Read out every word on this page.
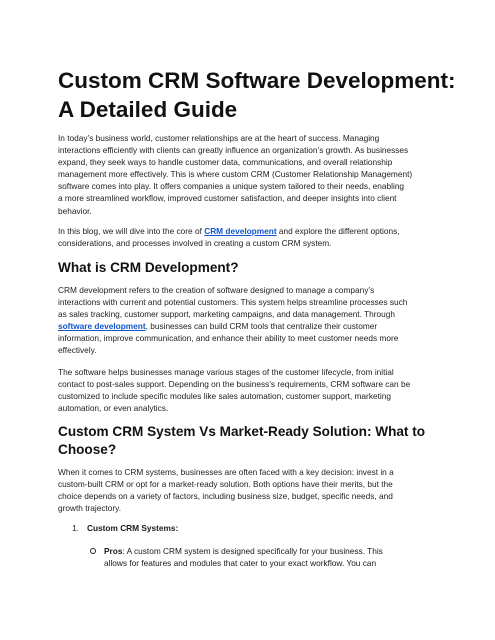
Custom CRM Software Development:
A Detailed Guide

In today’s business world, customer relationships are at the heart of success. Managing
interactions efficiently with clients can greatly influence an organization’s growth. As businesses
expand, they seek ways to handle customer data, communications, and overall relationship
management more effectively. This is where custom CRM (Customer Relationship Management)
software comes into play. It offers companies a unique system tailored to their needs, enabling
a more streamlined workflow, improved customer satisfaction, and deeper insights into client
behavior.

In this blog, we will dive into the core of CRM development and explore the different options,
considerations, and processes involved in creating a custom CRM system.

What is CRM Development?

CRM development refers to the creation of software designed to manage a company’s
interactions with current and potential customers. This system helps streamline processes such
as sales tracking, customer support, marketing campaigns, and data management. Through
software development, businesses can build CRM tools that centralize their customer
information, improve communication, and enhance their ability to meet customer needs more
effectively.

The software helps businesses manage various stages of the customer lifecycle, from initial
contact to post-sales support. Depending on the business’s requirements, CRM software can be
customized to include specific modules like sales automation, customer support, marketing
automation, or even analytics.

Custom CRM System Vs Market-Ready Solution: What to
Choose?

When it comes to CRM systems, businesses are often faced with a key decision: invest in a
custom-built CRM or opt for a market-ready solution. Both options have their merits, but the
choice depends on a variety of factors, including business size, budget, specific needs, and
growth trajectory.

1. Custom CRM Systems:

Pros: A custom CRM system is designed specifically for your business. This
allows for features and modules that cater to your exact workflow. You can
